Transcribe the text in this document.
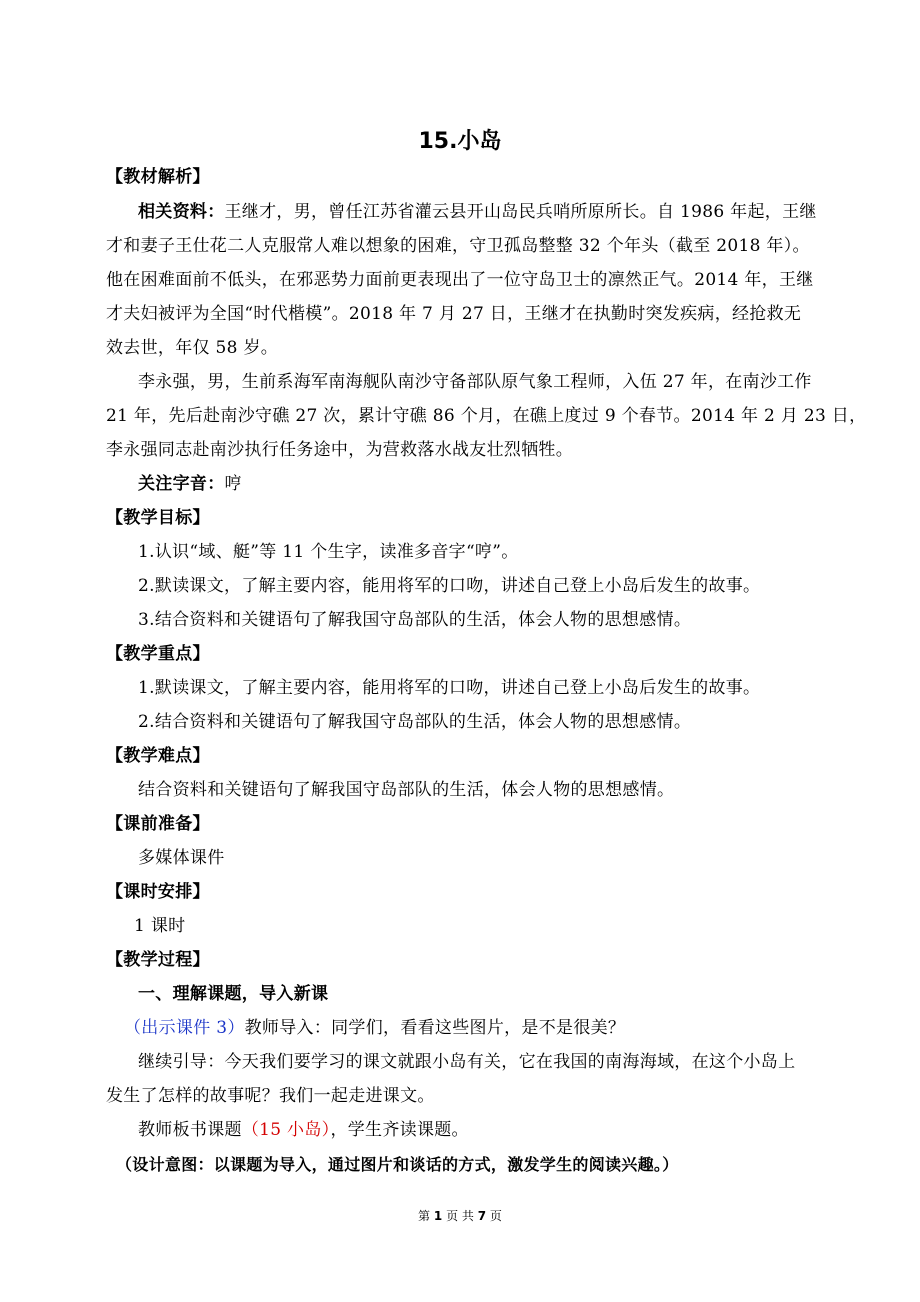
15.小岛
【教材解析】
相关资料：王继才，男，曾任江苏省灌云县开山岛民兵哨所原所长。自 1986 年起，王继
才和妻子王仕花二人克服常人难以想象的困难，守卫孤岛整整 32 个年头（截至 2018 年）。
他在困难面前不低头，在邪恶势力面前更表现出了一位守岛卫士的凛然正气。2014 年，王继
才夫妇被评为全国“时代楷模”。2018 年 7 月 27 日，王继才在执勤时突发疾病，经抢救无
效去世，年仅 58 岁。
李永强，男，生前系海军南海舰队南沙守备部队原气象工程师，入伍 27 年，在南沙工作
21 年，先后赴南沙守礁 27 次，累计守礁 86 个月，在礁上度过 9 个春节。2014 年 2 月 23 日，
李永强同志赴南沙执行任务途中，为营救落水战友壮烈牺牲。
关注字音：哼
【教学目标】
1.认识“域、艇”等 11 个生字，读准多音字“哼”。
2.默读课文，了解主要内容，能用将军的口吻，讲述自己登上小岛后发生的故事。
3.结合资料和关键语句了解我国守岛部队的生活，体会人物的思想感情。
【教学重点】
1.默读课文，了解主要内容，能用将军的口吻，讲述自己登上小岛后发生的故事。
2.结合资料和关键语句了解我国守岛部队的生活，体会人物的思想感情。
【教学难点】
结合资料和关键语句了解我国守岛部队的生活，体会人物的思想感情。
【课前准备】
多媒体课件
【课时安排】
1 课时
【教学过程】
一、理解课题，导入新课
（出示课件 3）教师导入：同学们，看看这些图片，是不是很美？
继续引导：今天我们要学习的课文就跟小岛有关，它在我国的南海海域，在这个小岛上
发生了怎样的故事呢？我们一起走进课文。
教师板书课题（15 小岛），学生齐读课题。
（设计意图：以课题为导入，通过图片和谈话的方式，激发学生的阅读兴趣。）
第 1 页 共 7 页
